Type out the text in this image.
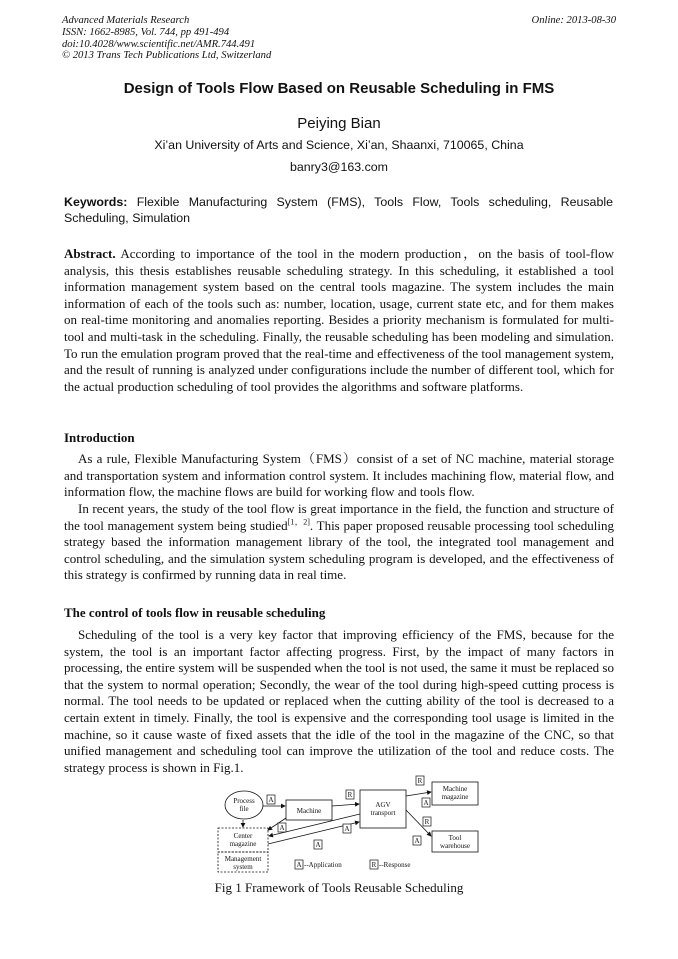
Advanced Materials Research
ISSN: 1662-8985, Vol. 744, pp 491-494
doi:10.4028/www.scientific.net/AMR.744.491
© 2013 Trans Tech Publications Ltd, Switzerland
Online: 2013-08-30
Design of Tools Flow Based on Reusable Scheduling in FMS
Peiying Bian
Xi’an University of Arts and Science, Xi’an, Shaanxi, 710065, China
banry3@163.com
Keywords: Flexible Manufacturing System (FMS), Tools Flow, Tools scheduling, Reusable Scheduling, Simulation
Abstract. According to importance of the tool in the modern production，on the basis of tool-flow analysis, this thesis establishes reusable scheduling strategy. In this scheduling, it established a tool information management system based on the central tools magazine. The system includes the main information of each of the tools such as: number, location, usage, current state etc, and for them makes on real-time monitoring and anomalies reporting. Besides a priority mechanism is formulated for multi-tool and multi-task in the scheduling. Finally, the reusable scheduling has been modeling and simulation. To run the emulation program proved that the real-time and effectiveness of the tool management system, and the result of running is analyzed under configurations include the number of different tool, which for the actual production scheduling of tool provides the algorithms and software platforms.
Introduction
As a rule, Flexible Manufacturing System（FMS）consist of a set of NC machine, material storage and transportation system and information control system. It includes machining flow, material flow, and information flow, the machine flows are build for working flow and tools flow.
In recent years, the study of the tool flow is great importance in the field, the function and structure of the tool management system being studied[1，2]. This paper proposed reusable processing tool scheduling strategy based the information management library of the tool, the integrated tool management and control scheduling, and the simulation system scheduling program is developed, and the effectiveness of this strategy is confirmed by running data in real time.
The control of tools flow in reusable scheduling
Scheduling of the tool is a very key factor that improving efficiency of the FMS, because for the system, the tool is an important factor affecting progress. First, by the impact of many factors in processing, the entire system will be suspended when the tool is not used, the same it must be replaced so that the system to normal operation; Secondly, the wear of the tool during high-speed cutting process is normal. The tool needs to be updated or replaced when the cutting ability of the tool is decreased to a certain extent in timely. Finally, the tool is expensive and the corresponding tool usage is limited in the machine, so it cause waste of fixed assets that the idle of the tool in the magazine of the CNC, so that unified management and scheduling tool can improve the utilization of the tool and reduce costs. The strategy process is shown in Fig.1.
Process
file	Machine
AGV
transport
Machine
magazine
Center
magazine
Tool
warehouse
Management
system
A
R
R
A
R
A
A
A
A
A	R
--Application	--Response
Fig 1 Framework of Tools Reusable Scheduling
